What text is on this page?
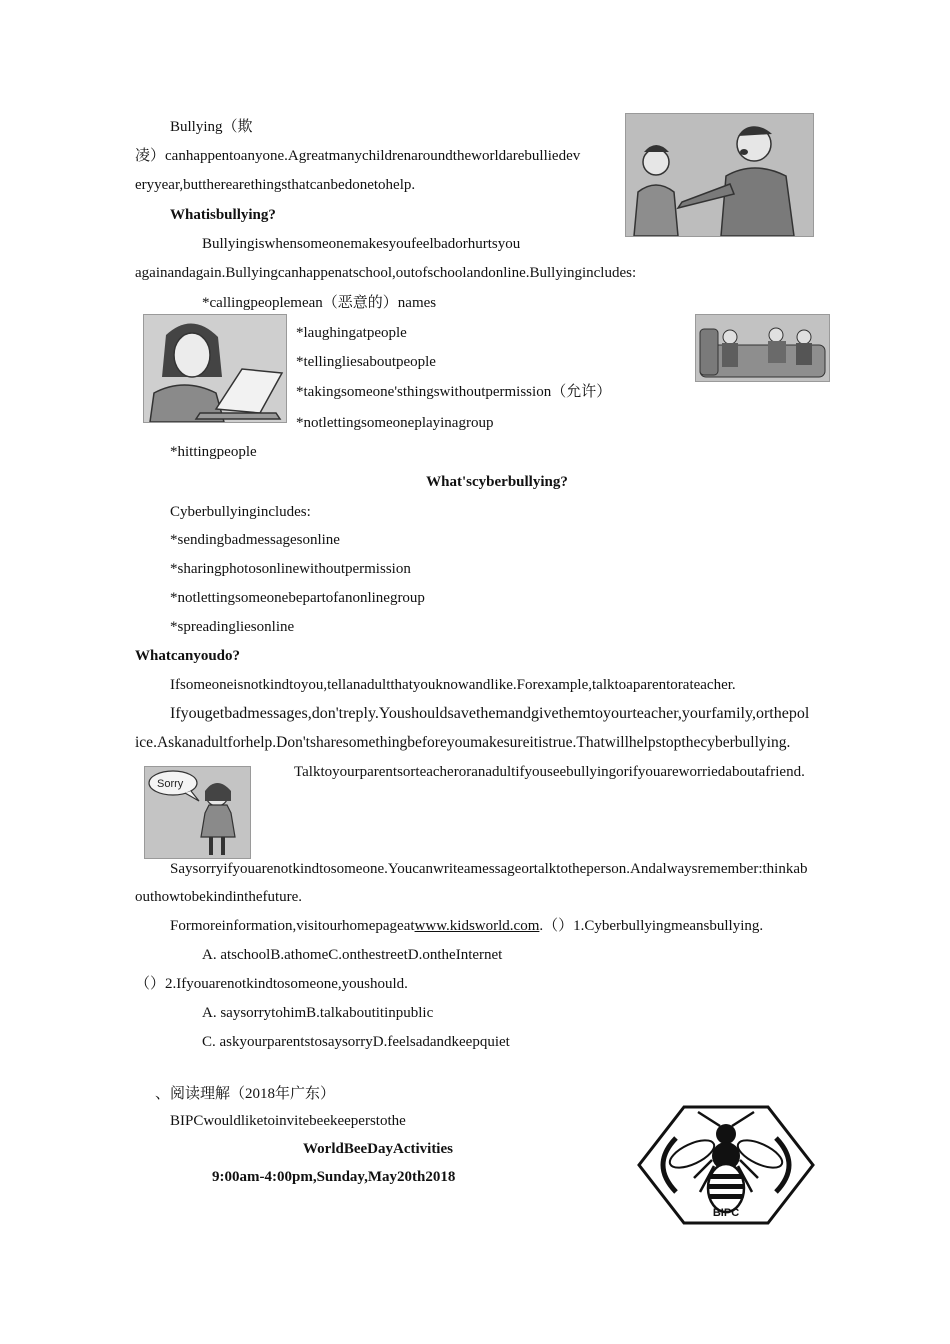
Bullying（欺
凌）canhappentoanyone.Agreatmanychildrenaroundtheworldarebulliedev
eryyear,buttherearethingsthatcanbedonetohelp.
Whatisbullying?
Bullyingiswhensomeonemakesyoufeelbadorhurtsyou
againandagain.Bullyingcanhappenatschool,outofschoolandonline.Bullyingincludes:
*callingpeoplemean（恶意的）names
*laughingatpeople
*tellingliesaboutpeople
*takingsomeone'sthingswithoutpermission（允许）
*notlettingsomeoneplayinagroup
*hittingpeople
What'scyberbullying?
Cyberbullyingincludes:
*sendingbadmessagesonline
*sharingphotosonlinewithoutpermission
*notlettingsomeonebepartofanonlinegroup
*spreadingliesonline
Whatcanyoudo?
Ifsomeoneisnotkindtoyou,tellanadultthatyouknowandlike.Forexample,talktoaparentorateacher.
Ifyougetbadmessages,don'treply.Youshouldsavethemandgivethemtoyourteacher,yourfamily,orthepol
ice.Askanadultforhelp.Don'tsharesomethingbeforeyoumakesureitistrue.Thatwillhelpstopthecyberbullying.
Talktoyourparentsorteacheroranadultifyouseebullyingorifyouareworriedaboutafriend.
Saysorryifyouarenotkindtosomeone.Youcanwriteamessageortalktotheperson.Andalwaysremember:thinkab
outhowtobekindinthefuture.
Formoreinformation,visitourhomepageatwww.kidsworld.com.（）1.Cyberbullyingmeansbullying.
A. atschoolB.athomeC.onthestreetD.ontheInternet
（）2.Ifyouarenotkindtosomeone,youshould.
A. saysorrytohimB.talkaboutitinpublic
C. askyourparentstosaysorryD.feelsadandkeepquiet
、阅读理解（2018年广东）
BIPCwouldliketoinvitebeekeeperstothe
WorldBeeDayActivities
9:00am-4:00pm,Sunday,May20th2018
Sorry
BIPC
